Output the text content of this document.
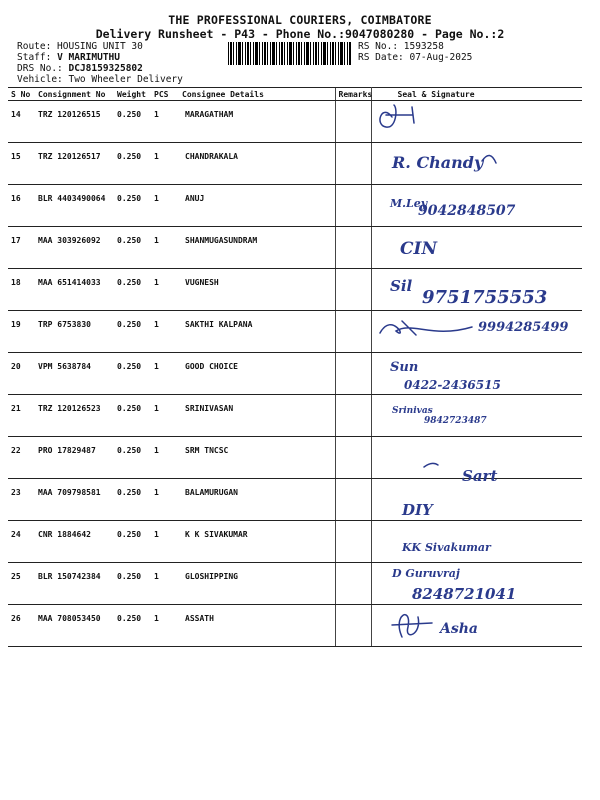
THE PROFESSIONAL COURIERS, COIMBATORE
Delivery Runsheet - P43 - Phone No.:9047080280 - Page No.:2
Route: HOUSING UNIT 30
Staff: V MARIMUTHU
DRS No.: DCJ8159325802
Vehicle: Two Wheeler Delivery
RS No.: 1593258
RS Date: 07-Aug-2025
S No	Consignment No	Weight	PCS	Consignee Details	Remarks	Seal & Signature
14	TRZ 120126515	0.250	1	MARAGATHAM		

15	TRZ 120126517	0.250	1	CHANDRAKALA		R. Chandy

16	BLR 4403490064	0.250	1	ANUJ		M.Ley
9042848507

17	MAA 303926092	0.250	1	SHANMUGASUNDRAM		CIN

18	MAA 651414033	0.250	1	VUGNESH		Sil
9751755553

19	TRP 6753830	0.250	1	SAKTHI KALPANA		9994285499

20	VPM 5638784	0.250	1	GOOD CHOICE		Sun
0422-2436515

21	TRZ 120126523	0.250	1	SRINIVASAN		Srinivas
9842723487

22	PRO 17829487	0.250	1	SRM TNCSC		

23	MAA 709798581	0.250	1	BALAMURUGAN		Sart
DIY

24	CNR 1884642	0.250	1	K K SIVAKUMAR		KK Sivakumar

25	BLR 150742384	0.250	1	GLOSHIPPING		D Guruvraj
8248721041

26	MAA 708053450	0.250	1	ASSATH		Asha
